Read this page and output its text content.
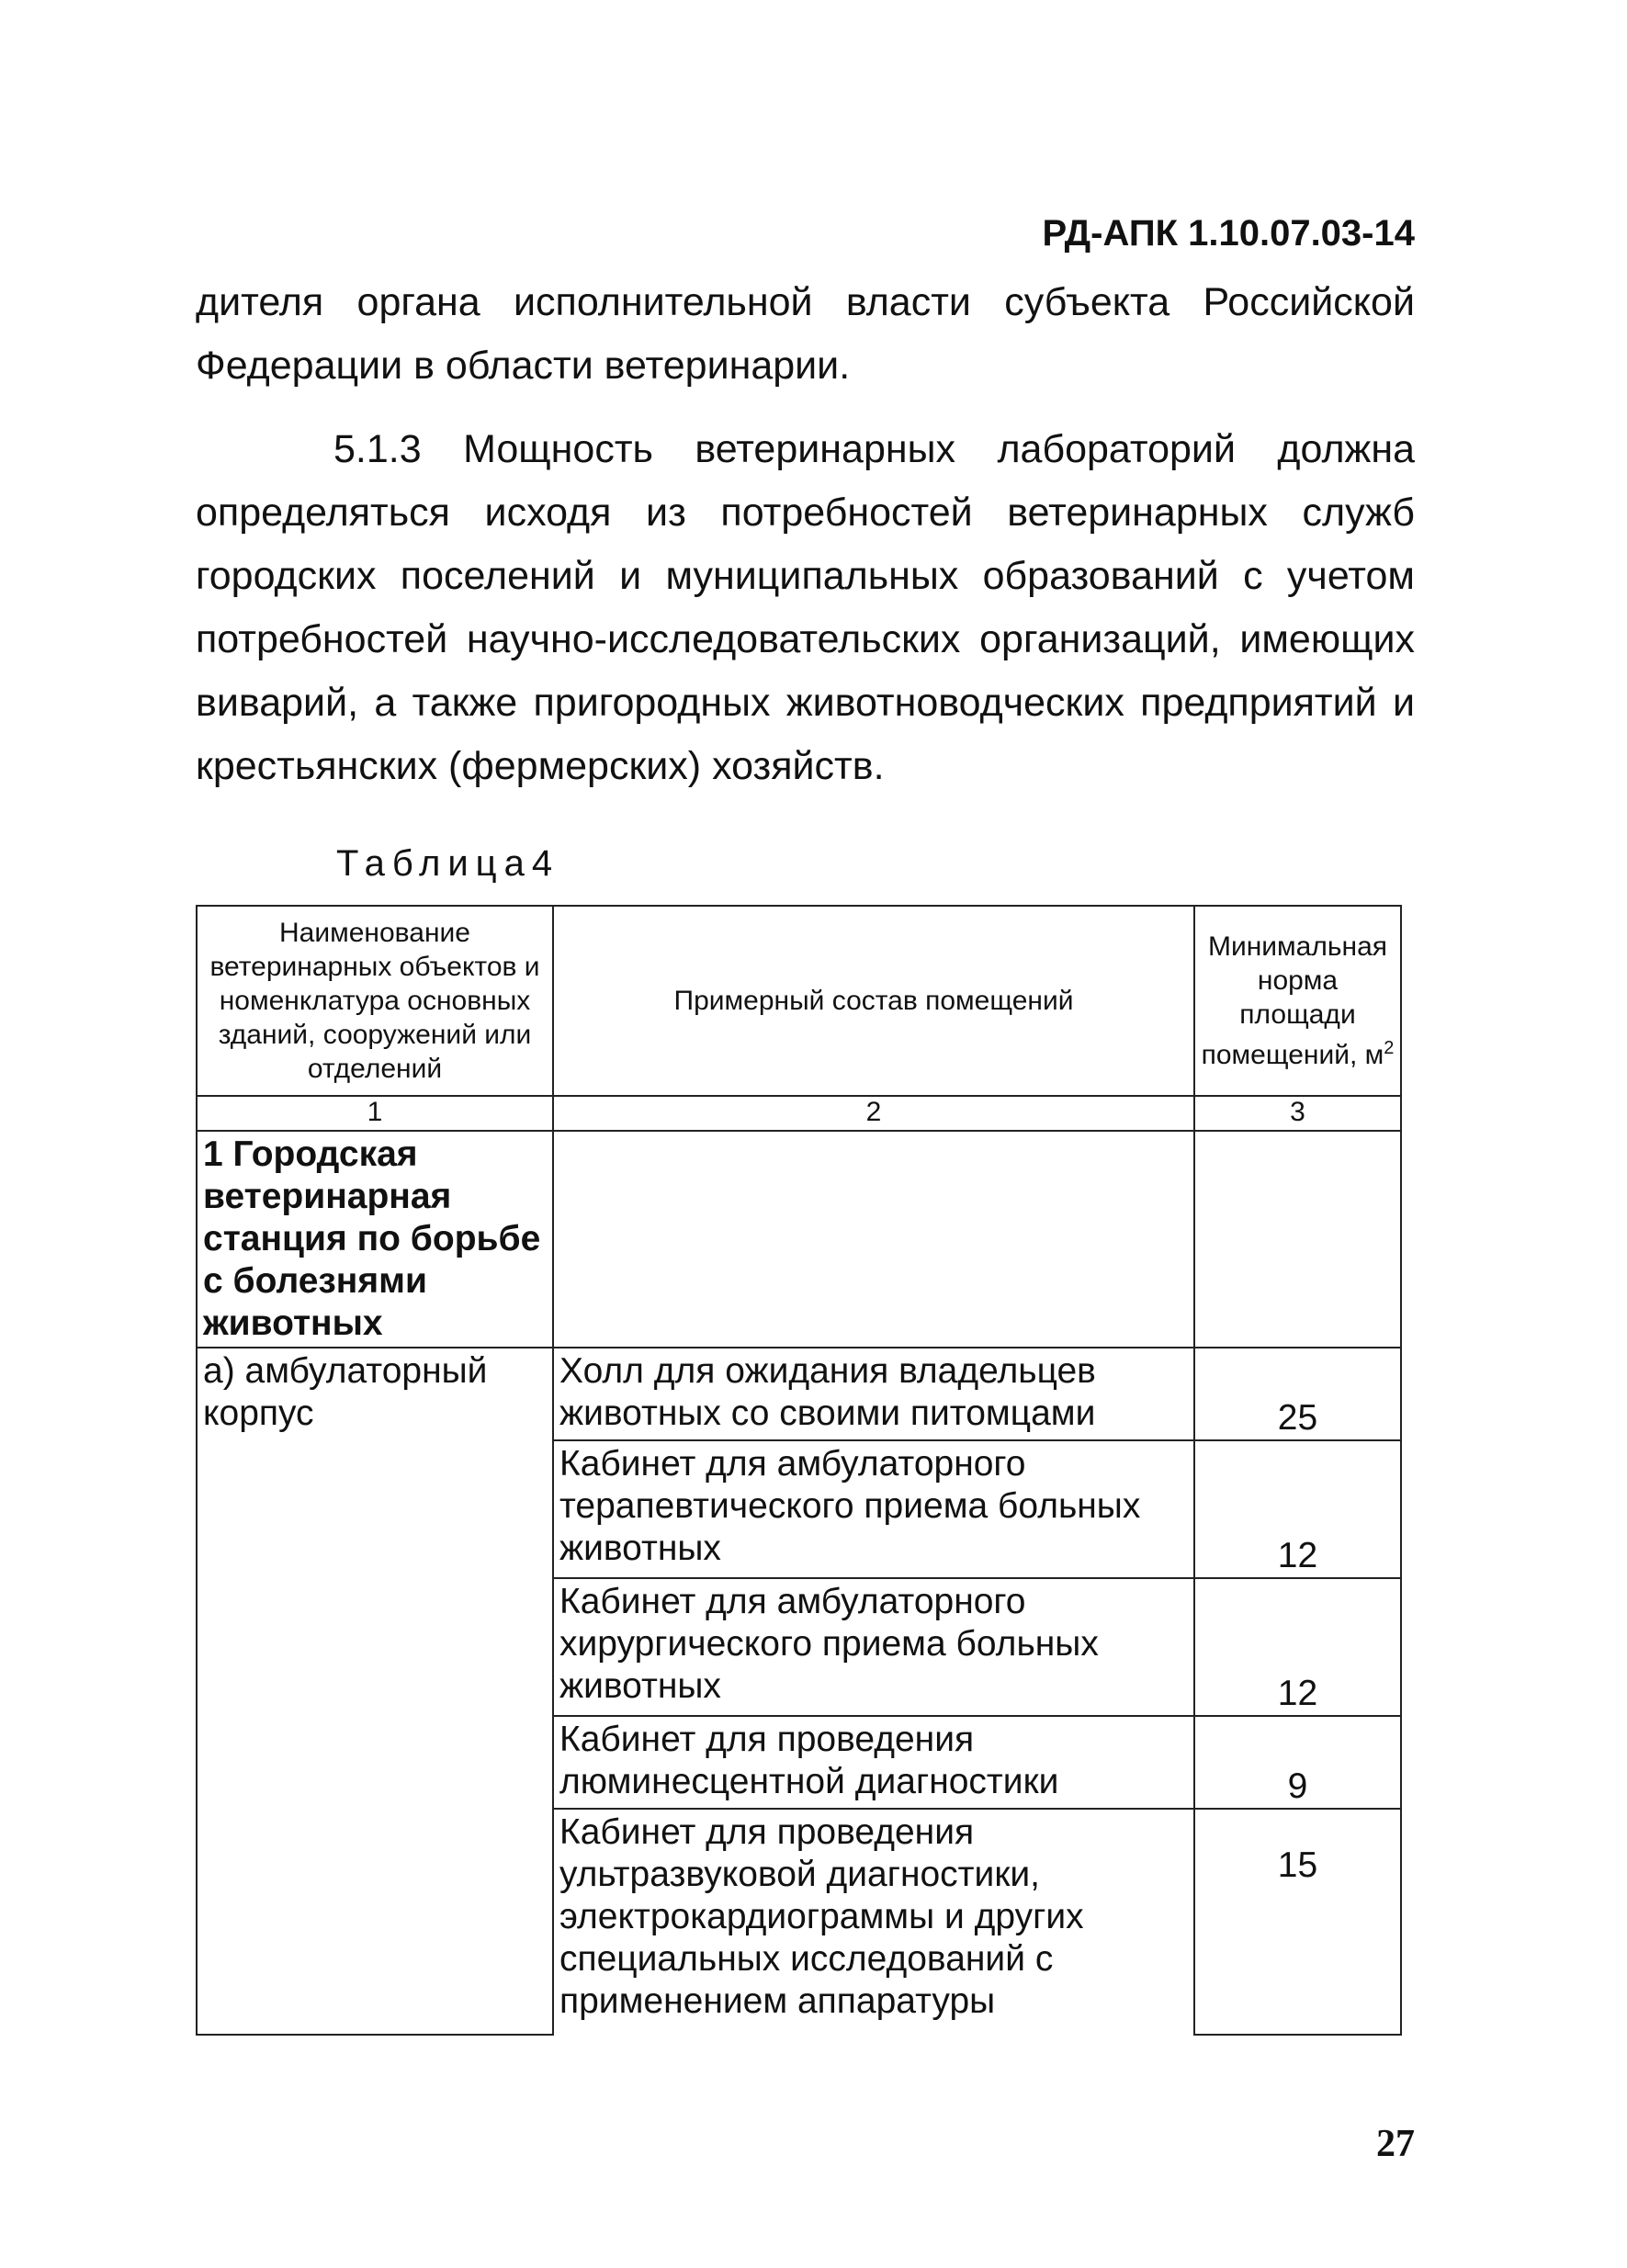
РД-АПК 1.10.07.03-14

дителя органа исполнительной власти субъекта Российской Федерации в области ветеринарии.

5.1.3 Мощность ветеринарных лабораторий должна определяться исходя из потребностей ветеринарных служб городских поселений и муниципальных образований с учетом потребностей научно-исследовательских организаций, имеющих виварий, а также пригородных животноводческих предприятий и крестьянских (фермерских) хозяйств.

Таблица4
Наименование ветеринарных объектов и номенклатура основных зданий, сооружений или отделений	Примерный состав помещений	Минимальная норма площади помещений, $м^2$
1	2	3
1 Городская ветеринарная станция по борьбе с болезнями животных		
а) амбулаторный корпус	Холл для ожидания владельцев животных со своими питомцами	25
	Кабинет для амбулаторного терапевтического приема больных животных	12
	Кабинет для амбулаторного хирургического приема больных животных	12
	Кабинет для проведения люминесцентной диагностики	9
	Кабинет для проведения ультразвуковой диагностики, электрокардиограммы и других специальных исследований с применением аппаратуры	15
27
